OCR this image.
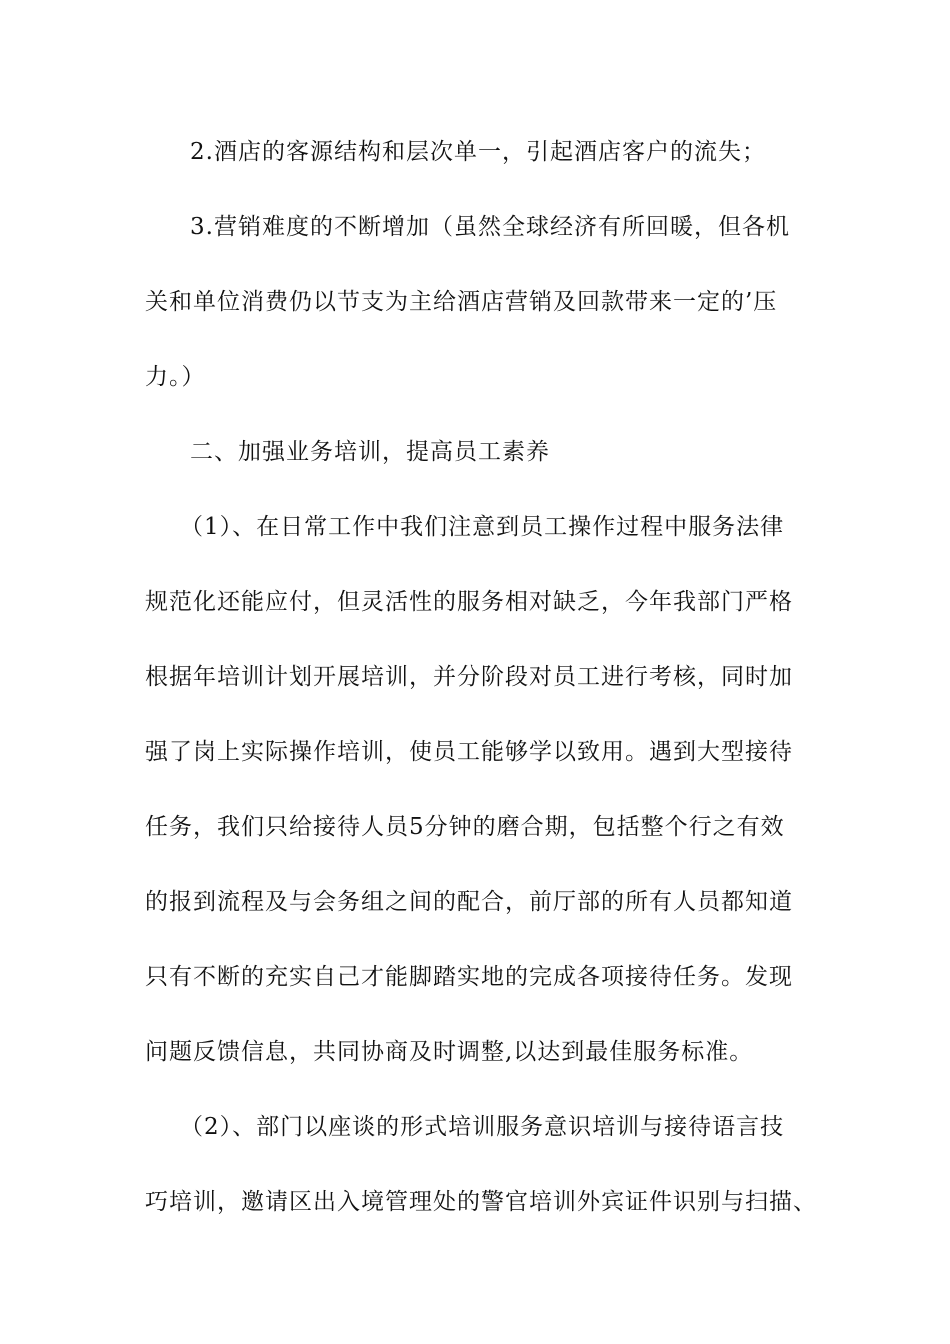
2.酒店的客源结构和层次单一，引起酒店客户的流失；
3.营销难度的不断增加（虽然全球经济有所回暖，但各机
关和单位消费仍以节支为主给酒店营销及回款带来一定的’压
力。）
二、加强业务培训，提高员工素养
（1）、在日常工作中我们注意到员工操作过程中服务法律
规范化还能应付，但灵活性的服务相对缺乏，今年我部门严格
根据年培训计划开展培训，并分阶段对员工进行考核，同时加
强了岗上实际操作培训，使员工能够学以致用。遇到大型接待
任务，我们只给接待人员5分钟的磨合期，包括整个行之有效
的报到流程及与会务组之间的配合，前厅部的所有人员都知道
只有不断的充实自己才能脚踏实地的完成各项接待任务。发现
问题反馈信息，共同协商及时调整,以达到最佳服务标准。
（2）、部门以座谈的形式培训服务意识培训与接待语言技
巧培训，邀请区出入境管理处的警官培训外宾证件识别与扫描、
